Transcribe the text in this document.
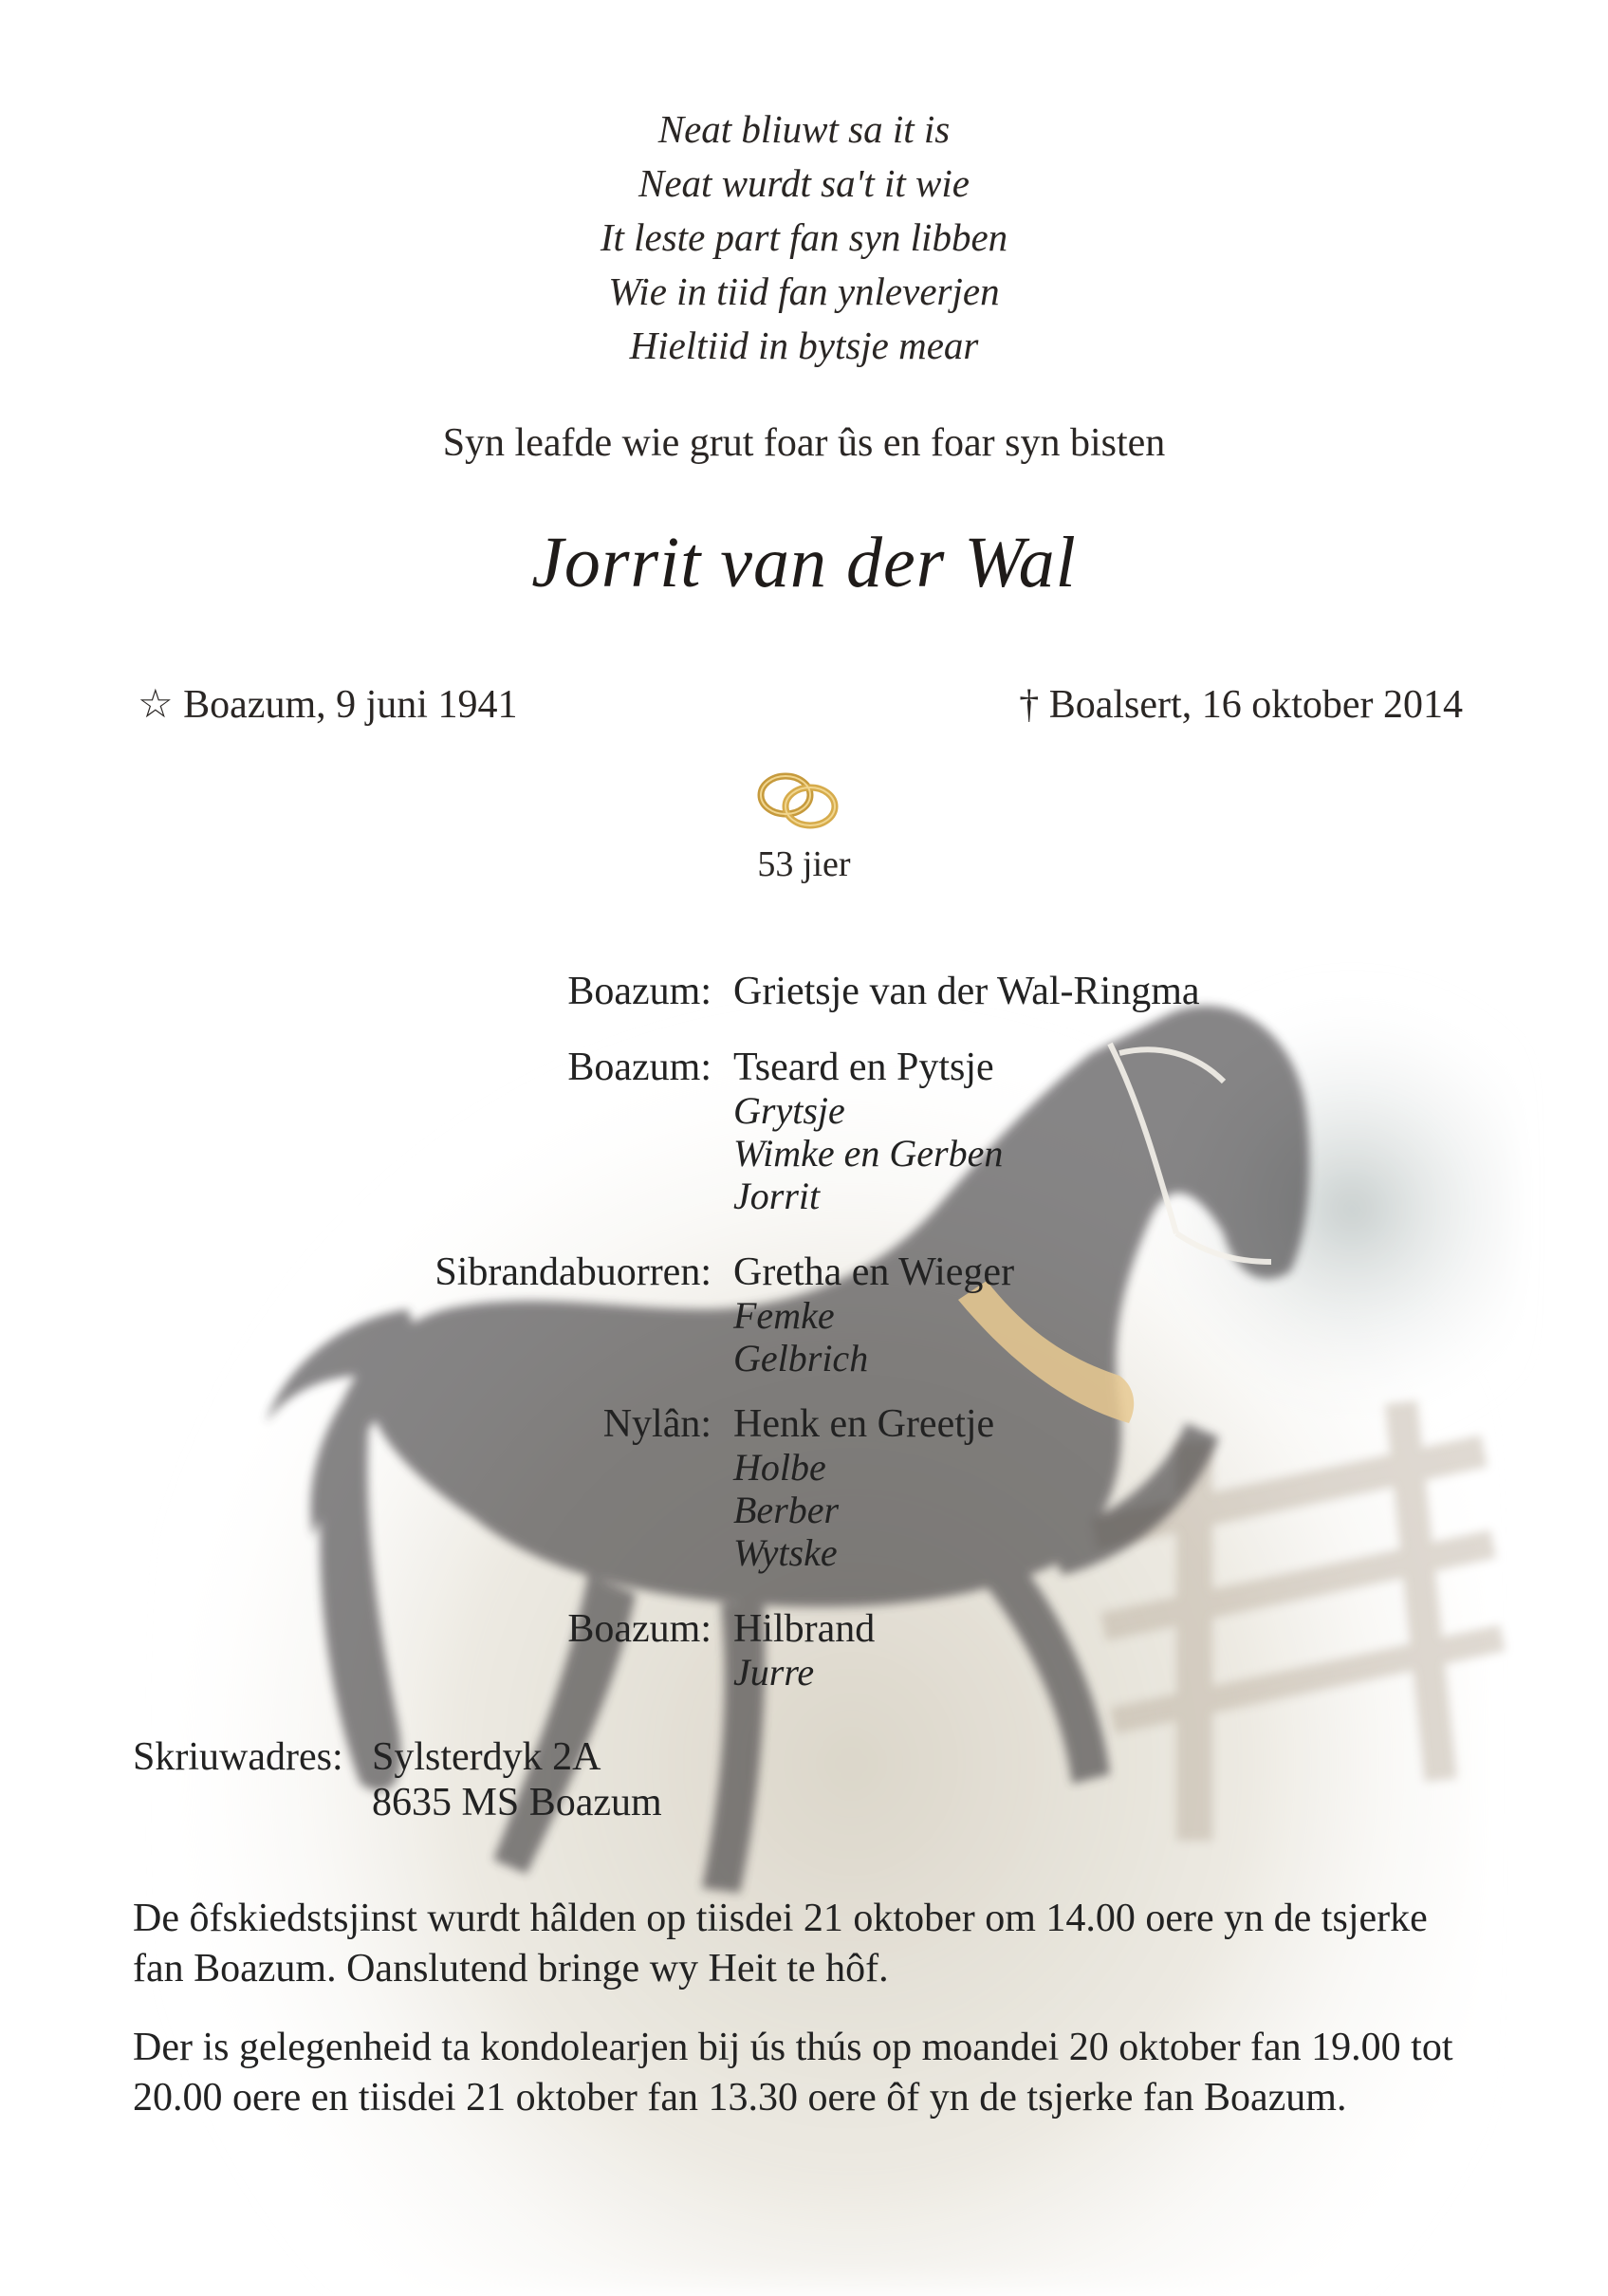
Neat bliuwt sa it is
Neat wurdt sa't it wie
It leste part fan syn libben
Wie in tiid fan ynleverjen
Hieltiid in bytsje mear
Syn leafde wie grut foar ûs en foar syn bisten
Jorrit van der Wal
☆ Boazum, 9 juni 1941	† Boalsert, 16 oktober 2014
53 jier
Boazum: Grietsje van der Wal-Ringma
Boazum: Tseard en Pytsje
Grytsje
Wimke en Gerben
Jorrit
Sibrandabuorren: Gretha en Wieger
Femke
Gelbrich
Nylân: Henk en Greetje
Holbe
Berber
Wytske
Boazum: Hilbrand
Jurre
Skriuwadres: Sylsterdyk 2A
8635 MS Boazum
De ôfskiedstsjinst wurdt hâlden op tiisdei 21 oktober om 14.00 oere yn de tsjerke fan Boazum. Oanslutend bringe wy Heit te hôf.
Der is gelegenheid ta kondolearjen bij ús thús op moandei 20 oktober fan 19.00 tot 20.00 oere en tiisdei 21 oktober fan 13.30 oere ôf yn de tsjerke fan Boazum.
